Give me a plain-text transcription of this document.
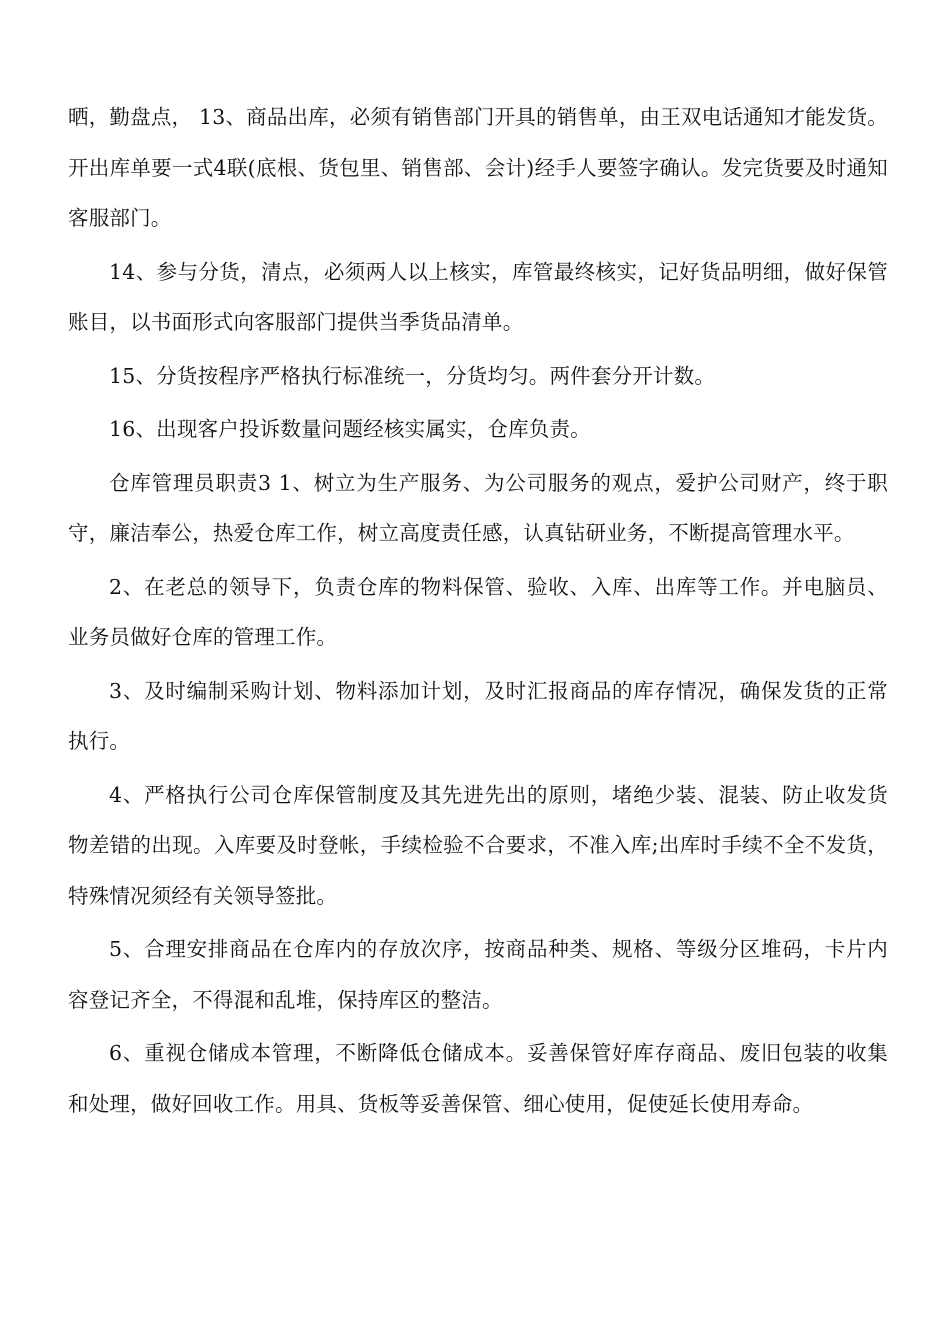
晒，勤盘点， 13、商品出库，必须有销售部门开具的销售单，由王双电话通知才能发货。开出库单要一式4联(底根、货包里、销售部、会计)经手人要签字确认。发完货要及时通知客服部门。

14、参与分货，清点，必须两人以上核实，库管最终核实，记好货品明细，做好保管账目，以书面形式向客服部门提供当季货品清单。

15、分货按程序严格执行标准统一，分货均匀。两件套分开计数。

16、出现客户投诉数量问题经核实属实，仓库负责。

仓库管理员职责3 1、树立为生产服务、为公司服务的观点，爱护公司财产，终于职守，廉洁奉公，热爱仓库工作，树立高度责任感，认真钻研业务，不断提高管理水平。

2、在老总的领导下，负责仓库的物料保管、验收、入库、出库等工作。并电脑员、业务员做好仓库的管理工作。

3、及时编制采购计划、物料添加计划，及时汇报商品的库存情况，确保发货的正常执行。

4、严格执行公司仓库保管制度及其先进先出的原则，堵绝少装、混装、防止收发货物差错的出现。入库要及时登帐，手续检验不合要求，不准入库;出库时手续不全不发货，特殊情况须经有关领导签批。

5、合理安排商品在仓库内的存放次序，按商品种类、规格、等级分区堆码，卡片内容登记齐全，不得混和乱堆，保持库区的整洁。

6、重视仓储成本管理，不断降低仓储成本。妥善保管好库存商品、废旧包装的收集和处理，做好回收工作。用具、货板等妥善保管、细心使用，促使延长使用寿命。
